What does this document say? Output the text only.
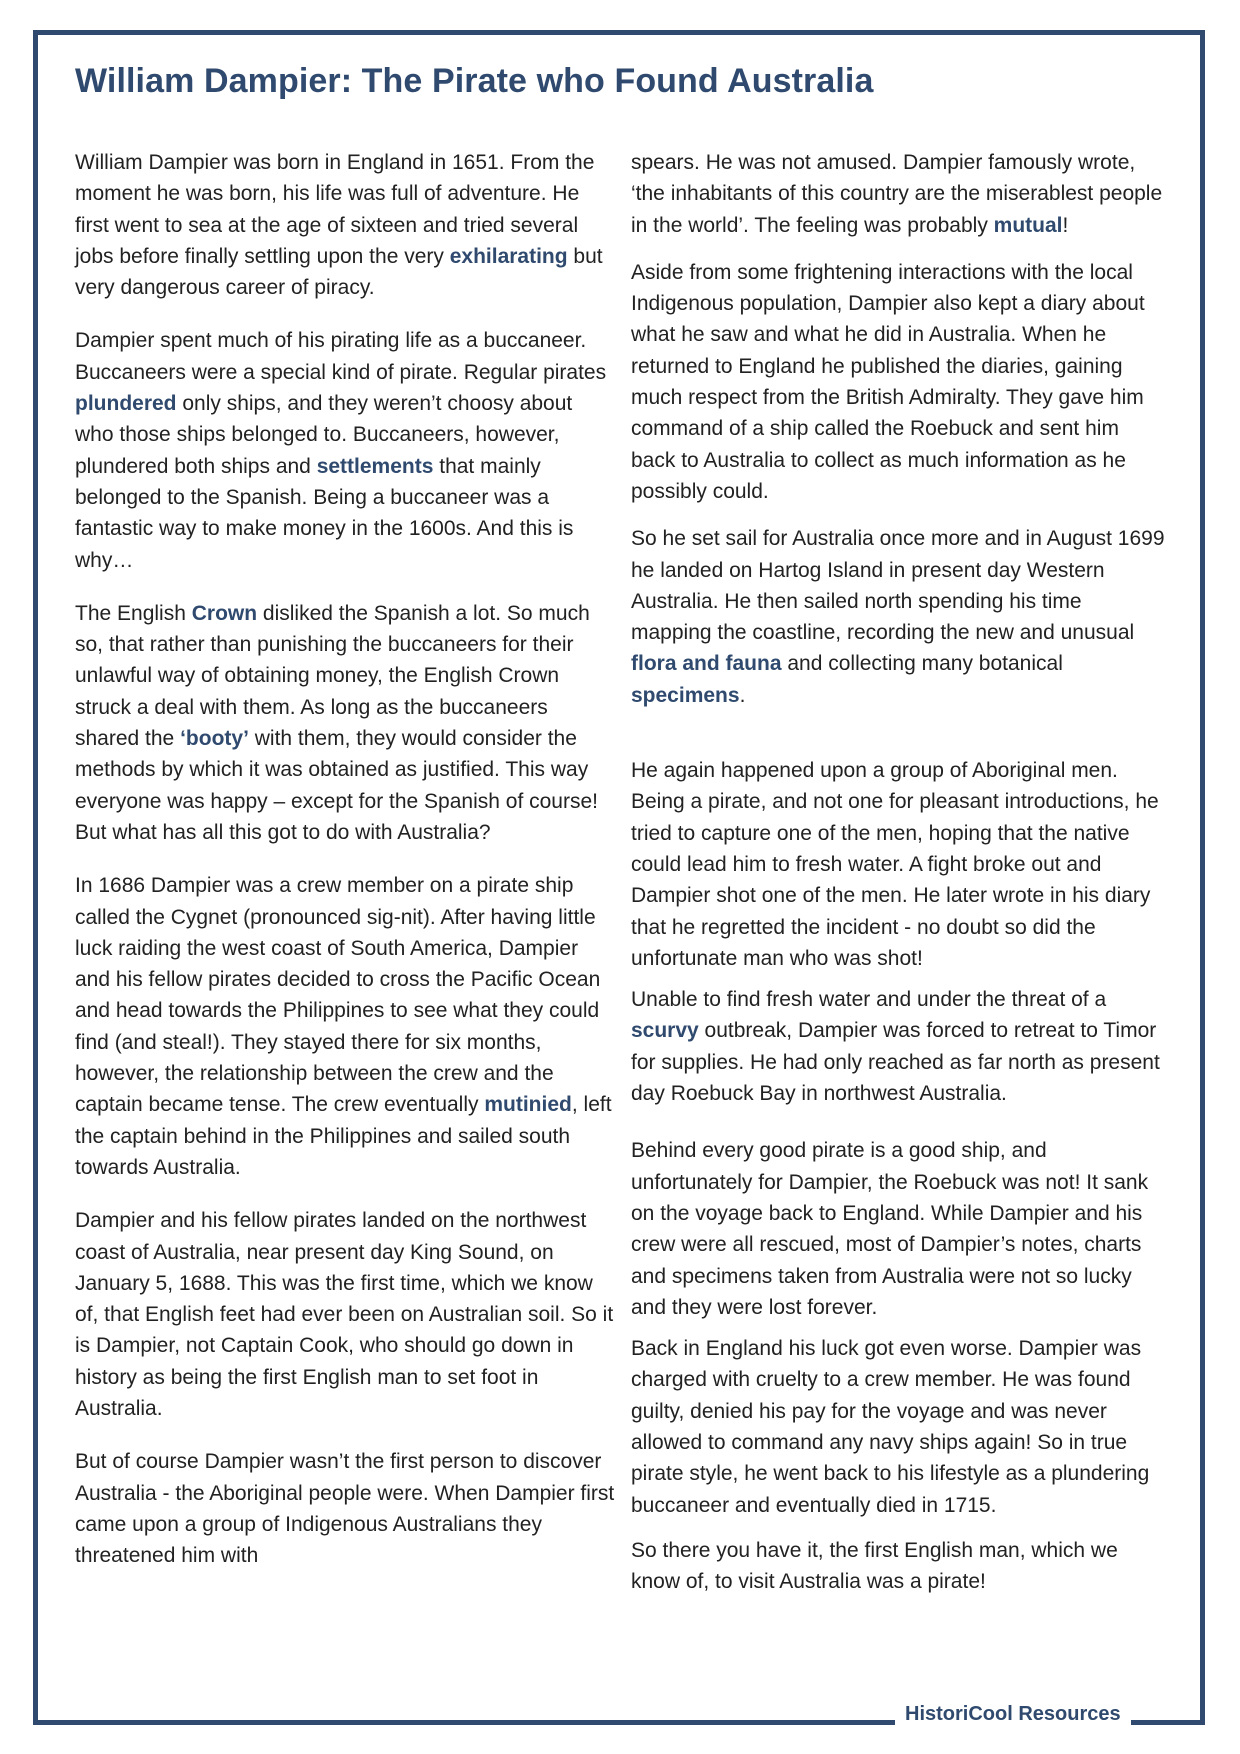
William Dampier: The Pirate who Found Australia

William Dampier was born in England in 1651. From the moment he was born, his life was full of adventure. He first went to sea at the age of sixteen and tried several jobs before finally settling upon the very exhilarating but very dangerous career of piracy.

Dampier spent much of his pirating life as a buccaneer. Buccaneers were a special kind of pirate. Regular pirates plundered only ships, and they weren’t choosy about who those ships belonged to. Buccaneers, however, plundered both ships and settlements that mainly belonged to the Spanish. Being a buccaneer was a fantastic way to make money in the 1600s. And this is why…

The English Crown disliked the Spanish a lot. So much so, that rather than punishing the buccaneers for their unlawful way of obtaining money, the English Crown struck a deal with them. As long as the buccaneers shared the ‘booty’ with them, they would consider the methods by which it was obtained as justified. This way everyone was happy – except for the Spanish of course! But what has all this got to do with Australia?

In 1686 Dampier was a crew member on a pirate ship called the Cygnet (pronounced sig-nit). After having little luck raiding the west coast of South America, Dampier and his fellow pirates decided to cross the Pacific Ocean and head towards the Philippines to see what they could find (and steal!). They stayed there for six months, however, the relationship between the crew and the captain became tense. The crew eventually mutinied, left the captain behind in the Philippines and sailed south towards Australia.

Dampier and his fellow pirates landed on the northwest coast of Australia, near present day King Sound, on January 5, 1688. This was the first time, which we know of, that English feet had ever been on Australian soil. So it is Dampier, not Captain Cook, who should go down in history as being the first English man to set foot in Australia.

But of course Dampier wasn’t the first person to discover Australia - the Aboriginal people were. When Dampier first came upon a group of Indigenous Australians they threatened him with

spears. He was not amused. Dampier famously wrote, ‘the inhabitants of this country are the miserablest people in the world’. The feeling was probably mutual!

Aside from some frightening interactions with the local Indigenous population, Dampier also kept a diary about what he saw and what he did in Australia. When he returned to England he published the diaries, gaining much respect from the British Admiralty. They gave him command of a ship called the Roebuck and sent him back to Australia to collect as much information as he possibly could.

So he set sail for Australia once more and in August 1699 he landed on Hartog Island in present day Western Australia. He then sailed north spending his time mapping the coastline, recording the new and unusual flora and fauna and collecting many botanical specimens.

He again happened upon a group of Aboriginal men. Being a pirate, and not one for pleasant introductions, he tried to capture one of the men, hoping that the native could lead him to fresh water. A fight broke out and Dampier shot one of the men. He later wrote in his diary that he regretted the incident - no doubt so did the unfortunate man who was shot!

Unable to find fresh water and under the threat of a scurvy outbreak, Dampier was forced to retreat to Timor for supplies. He had only reached as far north as present day Roebuck Bay in northwest Australia.

Behind every good pirate is a good ship, and unfortunately for Dampier, the Roebuck was not! It sank on the voyage back to England. While Dampier and his crew were all rescued, most of Dampier’s notes, charts and specimens taken from Australia were not so lucky and they were lost forever.

Back in England his luck got even worse. Dampier was charged with cruelty to a crew member. He was found guilty, denied his pay for the voyage and was never allowed to command any navy ships again! So in true pirate style, he went back to his lifestyle as a plundering buccaneer and eventually died in 1715.

So there you have it, the first English man, which we know of, to visit Australia was a pirate!

HistoriCool Resources
